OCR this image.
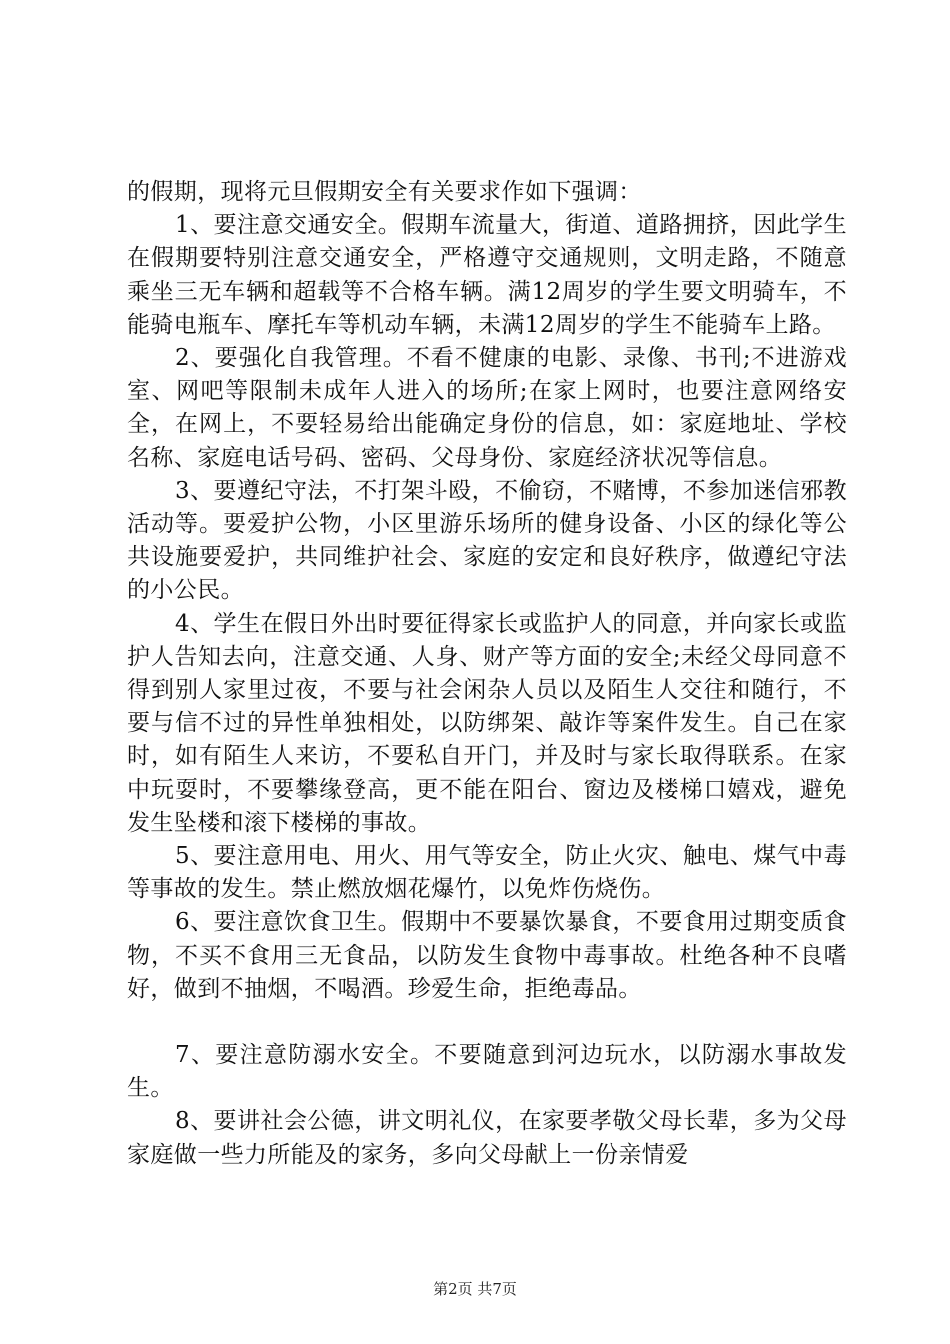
的假期，现将元旦假期安全有关要求作如下强调：

1、要注意交通安全。假期车流量大，街道、道路拥挤，因此学生在假期要特别注意交通安全，严格遵守交通规则，文明走路，不随意乘坐三无车辆和超载等不合格车辆。满12周岁的学生要文明骑车，不能骑电瓶车、摩托车等机动车辆，未满12周岁的学生不能骑车上路。

2、要强化自我管理。不看不健康的电影、录像、书刊;不进游戏室、网吧等限制未成年人进入的场所;在家上网时，也要注意网络安全，在网上，不要轻易给出能确定身份的信息，如：家庭地址、学校名称、家庭电话号码、密码、父母身份、家庭经济状况等信息。

3、要遵纪守法，不打架斗殴，不偷窃，不赌博，不参加迷信邪教活动等。要爱护公物，小区里游乐场所的健身设备、小区的绿化等公共设施要爱护，共同维护社会、家庭的安定和良好秩序，做遵纪守法的小公民。

4、学生在假日外出时要征得家长或监护人的同意，并向家长或监护人告知去向，注意交通、人身、财产等方面的安全;未经父母同意不得到别人家里过夜，不要与社会闲杂人员以及陌生人交往和随行，不要与信不过的异性单独相处，以防绑架、敲诈等案件发生。自己在家时，如有陌生人来访，不要私自开门，并及时与家长取得联系。在家中玩耍时，不要攀缘登高，更不能在阳台、窗边及楼梯口嬉戏，避免发生坠楼和滚下楼梯的事故。

5、要注意用电、用火、用气等安全，防止火灾、触电、煤气中毒等事故的发生。禁止燃放烟花爆竹，以免炸伤烧伤。

6、要注意饮食卫生。假期中不要暴饮暴食，不要食用过期变质食物，不买不食用三无食品，以防发生食物中毒事故。杜绝各种不良嗜好，做到不抽烟，不喝酒。珍爱生命，拒绝毒品。

7、要注意防溺水安全。不要随意到河边玩水，以防溺水事故发生。

8、要讲社会公德，讲文明礼仪，在家要孝敬父母长辈，多为父母家庭做一些力所能及的家务，多向父母献上一份亲情爱

第2页 共7页
